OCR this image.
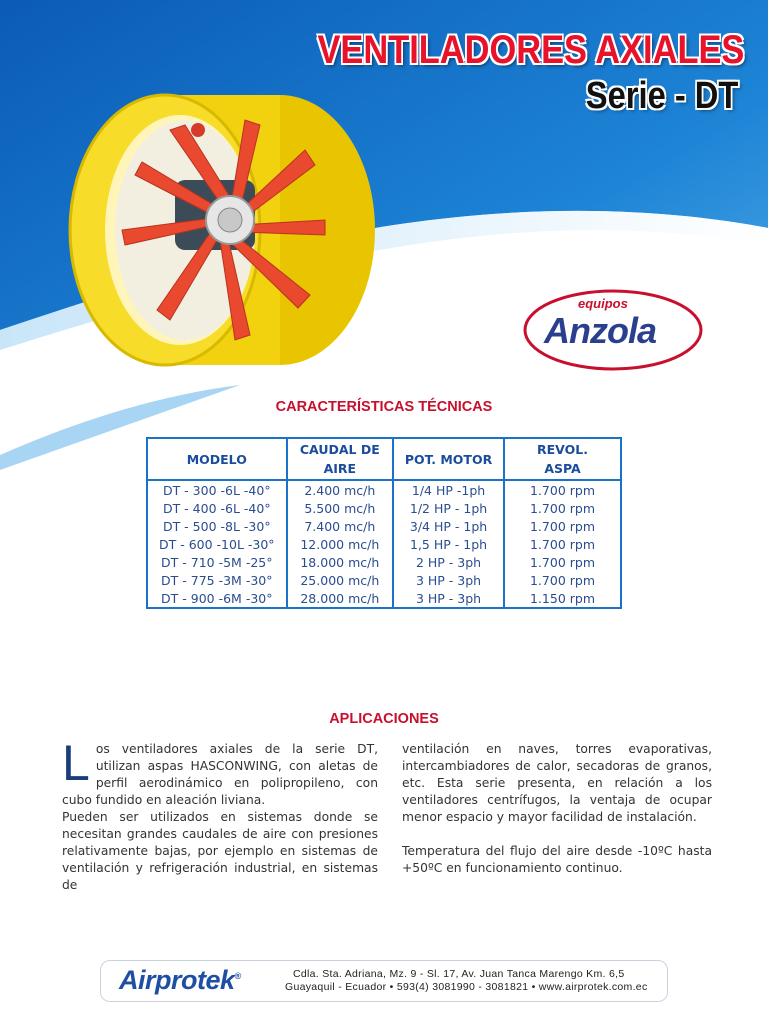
VENTILADORES AXIALES
Serie - DT
equipos
Anzola
CARACTERÍSTICAS TÉCNICAS
MODELO	CAUDAL DE AIRE	POT. MOTOR	REVOL. ASPA
DT - 300 -6L -40°	2.400 mc/h	1/4 HP -1ph	1.700 rpm
DT - 400 -6L -40°	5.500 mc/h	1/2 HP - 1ph	1.700 rpm
DT - 500 -8L -30°	7.400 mc/h	3/4 HP - 1ph	1.700 rpm
DT - 600 -10L -30°	12.000 mc/h	1,5 HP - 1ph	1.700 rpm
DT - 710 -5M -25°	18.000 mc/h	2 HP - 3ph	1.700 rpm
DT - 775 -3M -30°	25.000 mc/h	3 HP - 3ph	1.700 rpm
DT - 900 -6M -30°	28.000 mc/h	3 HP - 3ph	1.150 rpm
APLICACIONES
L os ventiladores axiales de la serie DT, utilizan aspas HASCONWING, con aletas de perfil aerodinámico en polipropileno, con cubo fundido en aleación liviana.
Pueden ser utilizados en sistemas donde se necesitan grandes caudales de aire con presiones relativamente bajas, por ejemplo en sistemas de ventilación y refrigeración industrial, en sistemas de
ventilación en naves, torres evaporativas, intercambiadores de calor, secadoras de granos, etc. Esta serie presenta, en relación a los ventiladores centrífugos, la ventaja de ocupar menor espacio y mayor facilidad de instalación.
Temperatura del flujo del aire desde -10ºC hasta +50ºC en funcionamiento continuo.
Airprotek®	Cdla. Sta. Adriana, Mz. 9 - Sl. 17, Av. Juan Tanca Marengo Km. 6,5
Guayaquil - Ecuador • 593(4) 3081990 - 3081821 • www.airprotek.com.ec
